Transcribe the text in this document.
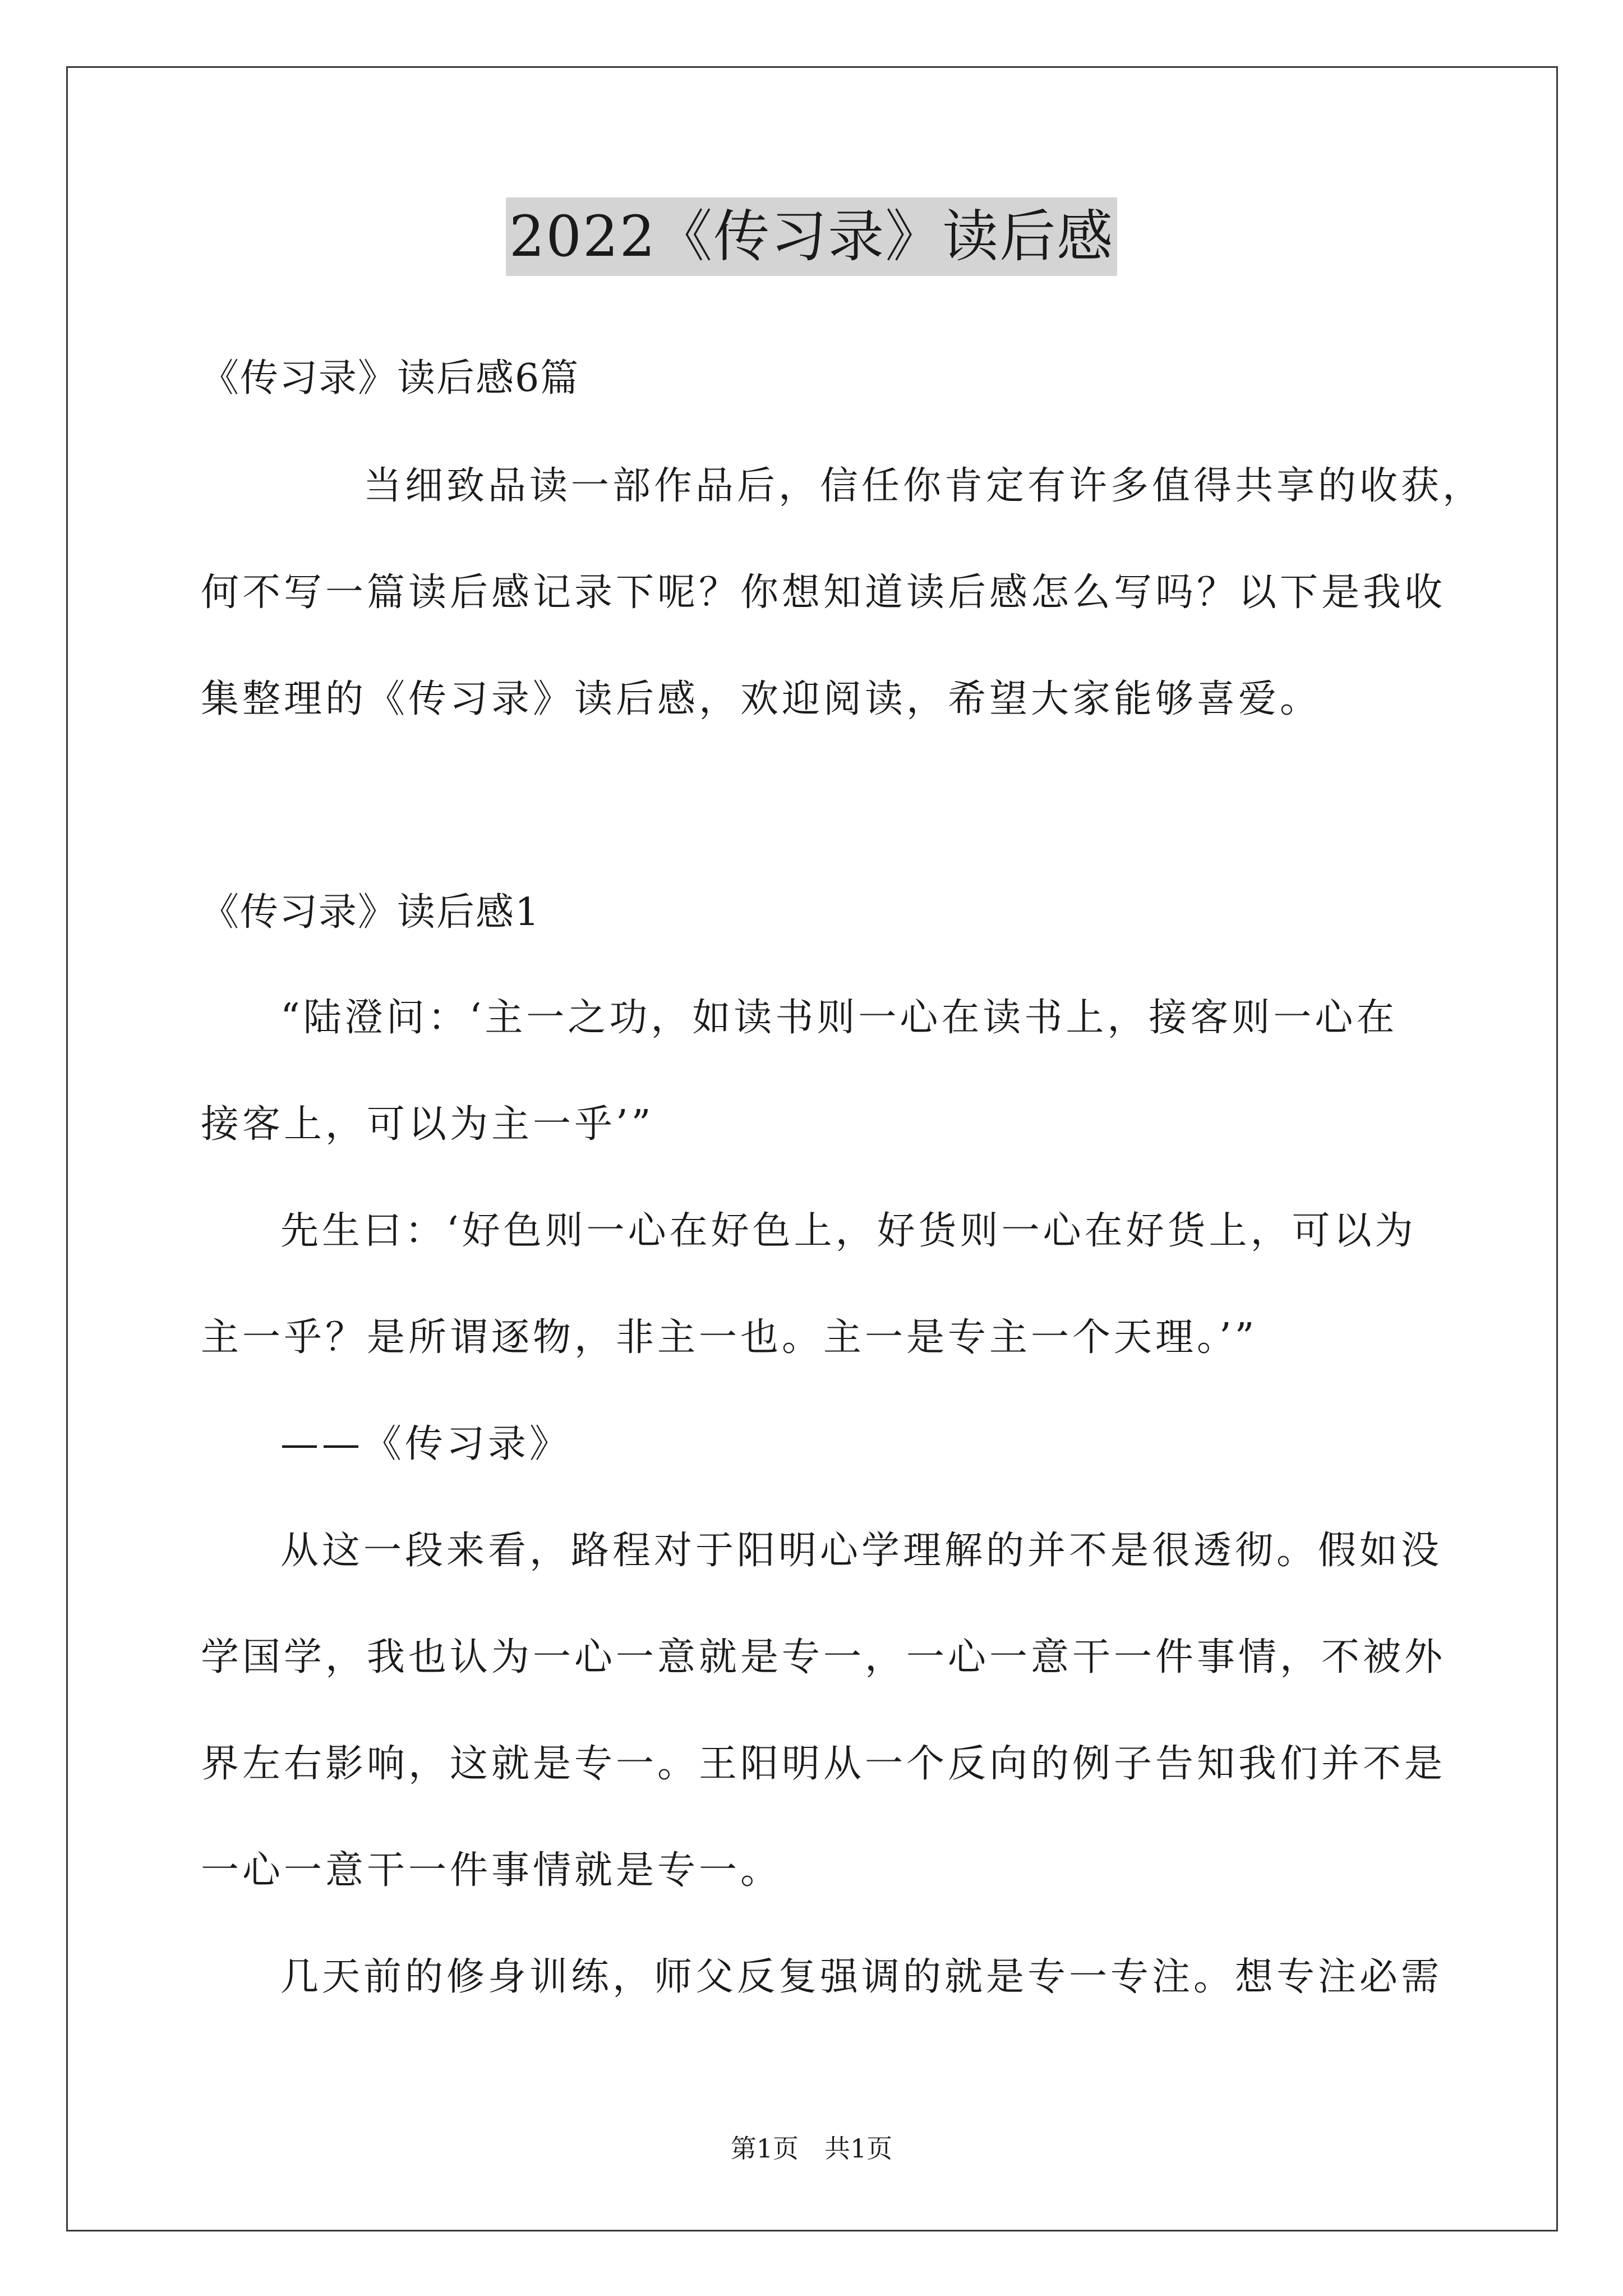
2022《传习录》读后感
《传习录》读后感6篇
当细致品读一部作品后，信任你肯定有许多值得共享的收获，
何不写一篇读后感记录下呢？你想知道读后感怎么写吗？以下是我收
集整理的《传习录》读后感，欢迎阅读，希望大家能够喜爱。
《传习录》读后感1
“陆澄问：‘主一之功，如读书则一心在读书上，接客则一心在
接客上，可以为主一乎’”
先生曰：‘好色则一心在好色上，好货则一心在好货上，可以为
主一乎？是所谓逐物，非主一也。主一是专主一个天理。’”
——《传习录》
从这一段来看，路程对于阳明心学理解的并不是很透彻。假如没
学国学，我也认为一心一意就是专一，一心一意干一件事情，不被外
界左右影响，这就是专一。王阳明从一个反向的例子告知我们并不是
一心一意干一件事情就是专一。
几天前的修身训练，师父反复强调的就是专一专注。想专注必需
第1页　共1页
